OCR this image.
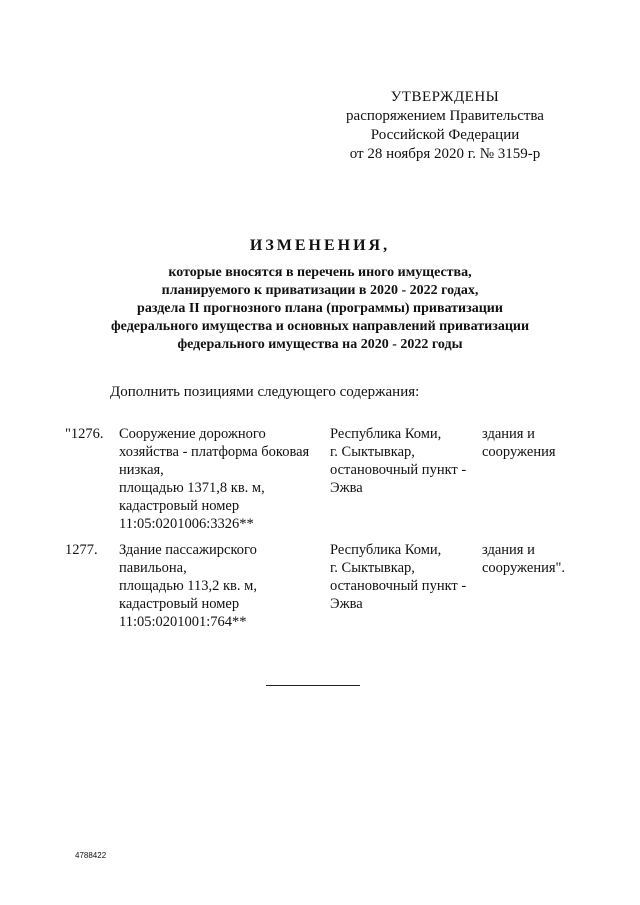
УТВЕРЖДЕНЫ
распоряжением Правительства
Российской Федерации
от 28 ноября 2020 г. № 3159-р
ИЗМЕНЕНИЯ,
которые вносятся в перечень иного имущества,
планируемого к приватизации в 2020 - 2022 годах,
раздела II прогнозного плана (программы) приватизации
федерального имущества и основных направлений приватизации
федерального имущества на 2020 - 2022 годы
Дополнить позициями следующего содержания:
"1276. Сооружение дорожного
хозяйства - платформа боковая
низкая,
площадью 1371,8 кв. м,
кадастровый номер
11:05:0201006:3326**
Республика Коми,
г. Сыктывкар,
остановочный пункт -
Эжва
здания и
сооружения
1277. Здание пассажирского
павильона,
площадью 113,2 кв. м,
кадастровый номер
11:05:0201001:764**
Республика Коми,
г. Сыктывкар,
остановочный пункт -
Эжва
здания и
сооружения".
4788422
